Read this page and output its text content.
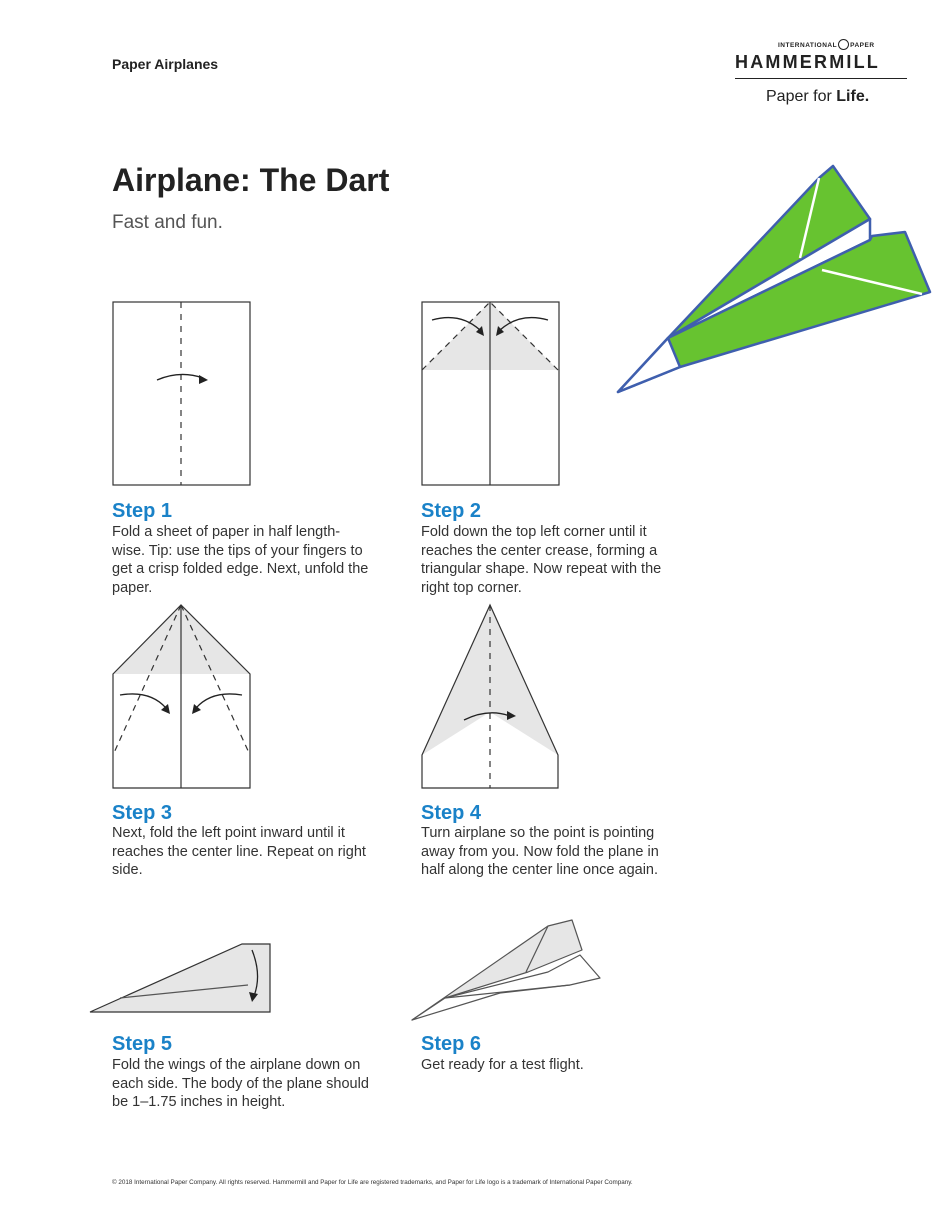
Paper Airplanes
INTERNATIONAL PAPER
HAMMERMILL
Paper for Life.
Airplane: The Dart
Fast and fun.
Step 1
Fold a sheet of paper in half length-wise. Tip: use the tips of your fingers to get a crisp folded edge. Next, unfold the paper.
Step 2
Fold down the top left corner until it reaches the center crease, forming a triangular shape. Now repeat with the right top corner.
Step 3
Next, fold the left point inward until it reaches the center line. Repeat on right side.
Step 4
Turn airplane so the point is pointing away from you. Now fold the plane in half along the center line once again.
Step 5
Fold the wings of the airplane down on each side. The body of the plane should be 1–1.75 inches in height.
Step 6
Get ready for a test flight.
© 2018 International Paper Company. All rights reserved. Hammermill and Paper for Life are registered trademarks, and Paper for Life logo is a trademark of International Paper Company.
